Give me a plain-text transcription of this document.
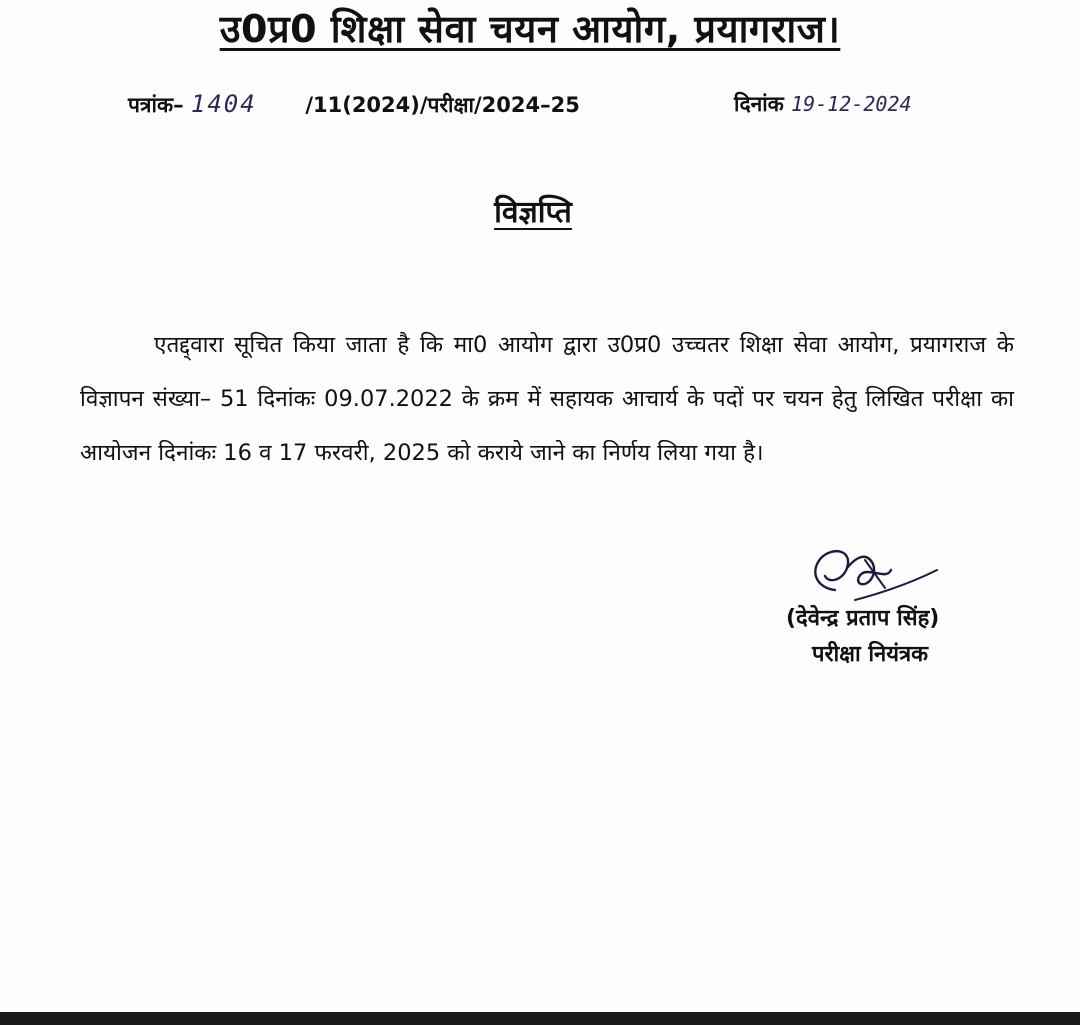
उ0प्र0 शिक्षा सेवा चयन आयोग, प्रयागराज।
पत्रांक– 1404 /11(2024)/परीक्षा/2024–25	दिनांक 19-12-2024
विज्ञप्ति
एतद्द्वारा सूचित किया जाता है कि मा0 आयोग द्वारा उ0प्र0 उच्चतर शिक्षा सेवा आयोग, प्रयागराज के विज्ञापन संख्या– 51 दिनांकः 09.07.2022 के क्रम में सहायक आचार्य के पदों पर चयन हेतु लिखित परीक्षा का आयोजन दिनांकः 16 व 17 फरवरी, 2025 को कराये जाने का निर्णय लिया गया है।
(देवेन्द्र प्रताप सिंह)
परीक्षा नियंत्रक
